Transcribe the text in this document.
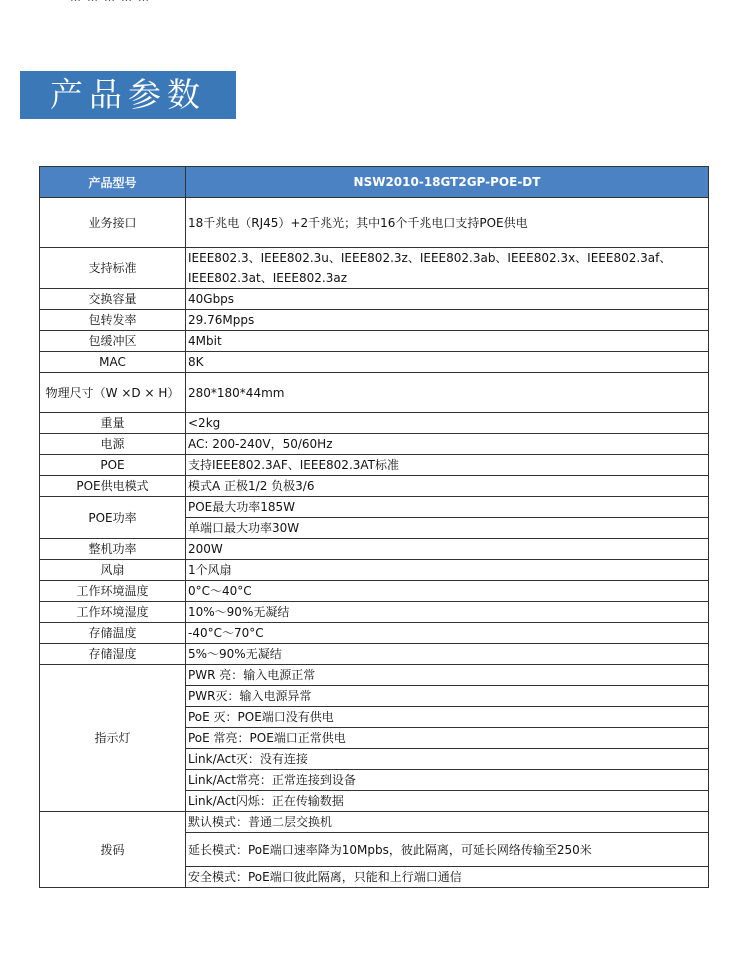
产品参数
产品型号	NSW2010-18GT2GP-POE-DT
业务接口	18千兆电（RJ45）+2千兆光；其中16个千兆电口支持POE供电
支持标准	IEEE802.3、IEEE802.3u、IEEE802.3z、IEEE802.3ab、IEEE802.3x、IEEE802.3af、IEEE802.3at、IEEE802.3az
交换容量	40Gbps
包转发率	29.76Mpps
包缓冲区	4Mbit
MAC	8K
物理尺寸（W ×D × H）	280*180*44mm
重量	<2kg
电源	AC: 200-240V，50/60Hz
POE	支持IEEE802.3AF、IEEE802.3AT标准
POE供电模式	模式A 正极1/2 负极3/6
POE功率	POE最大功率185W
	单端口最大功率30W
整机功率	200W
风扇	1个风扇
工作环境温度	0°C～40°C
工作环境湿度	10%～90%无凝结
存储温度	-40°C～70°C
存储湿度	5%～90%无凝结
指示灯	PWR 亮：输入电源正常
	PWR灭：输入电源异常
	PoE 灭：POE端口没有供电
	PoE 常亮：POE端口正常供电
	Link/Act灭：没有连接
	Link/Act常亮：正常连接到设备
	Link/Act闪烁：正在传输数据
拨码	默认模式：普通二层交换机
	延长模式：PoE端口速率降为10Mpbs，彼此隔离，可延长网络传输至250米
	安全模式：PoE端口彼此隔离，只能和上行端口通信
